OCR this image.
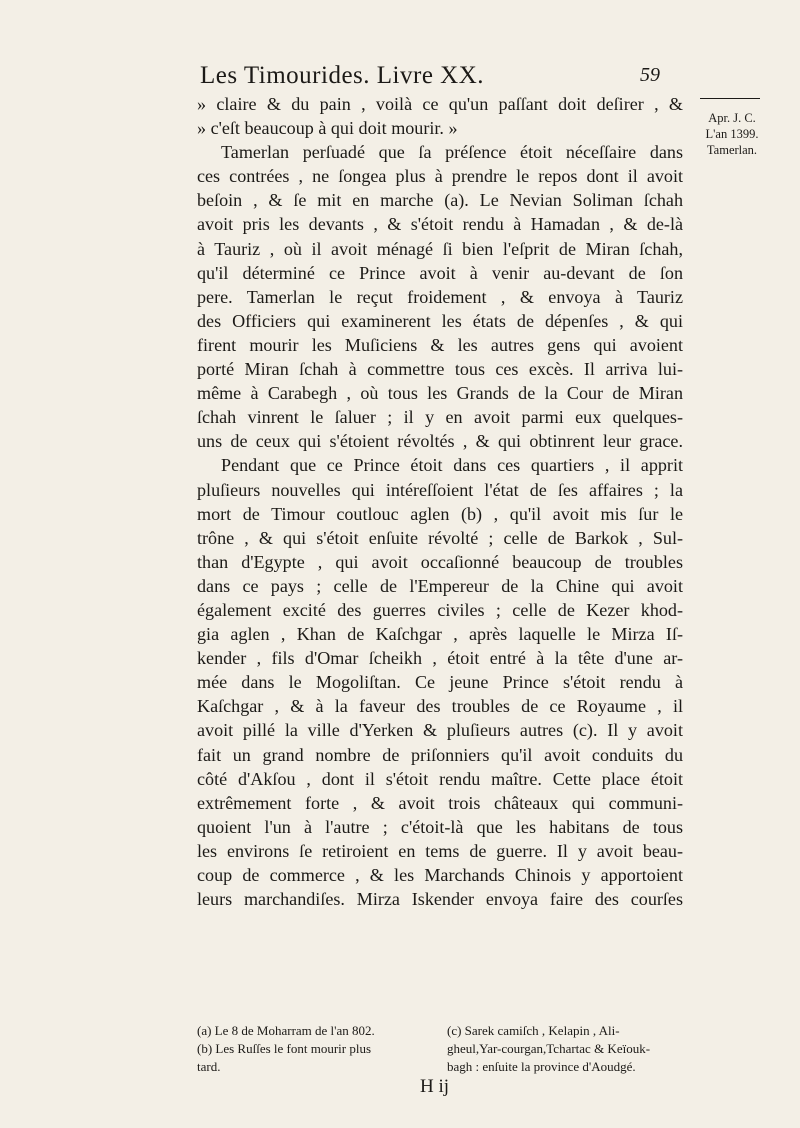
Les Timourides. Livre XX.	59
Apr. J. C.
L'an 1399.
Tamerlan.
» claire & du pain , voilà ce qu'un paſſant doit deſirer , &
» c'eſt beaucoup à qui doit mourir. »
Tamerlan perſuadé que ſa préſence étoit néceſſaire dans
ces contrées , ne ſongea plus à prendre le repos dont il avoit
beſoin , & ſe mit en marche (a). Le Nevian Soliman ſchah
avoit pris les devants , & s'étoit rendu à Hamadan , & de-là
à Tauriz , où il avoit ménagé ſi bien l'eſprit de Miran ſchah,
qu'il déterminé ce Prince avoit à venir au-devant de ſon
pere. Tamerlan le reçut froidement , & envoya à Tauriz
des Officiers qui examinerent les états de dépenſes , & qui
firent mourir les Muſiciens & les autres gens qui avoient
porté Miran ſchah à commettre tous ces excès. Il arriva lui-
même à Carabegh , où tous les Grands de la Cour de Miran
ſchah vinrent le ſaluer ; il y en avoit parmi eux quelques-
uns de ceux qui s'étoient révoltés , & qui obtinrent leur grace.
Pendant que ce Prince étoit dans ces quartiers , il apprit
pluſieurs nouvelles qui intéreſſoient l'état de ſes affaires ; la
mort de Timour coutlouc aglen (b) , qu'il avoit mis ſur le
trône , & qui s'étoit enſuite révolté ; celle de Barkok , Sul-
than d'Egypte , qui avoit occaſionné beaucoup de troubles
dans ce pays ; celle de l'Empereur de la Chine qui avoit
également excité des guerres civiles ; celle de Kezer khod-
gia aglen , Khan de Kaſchgar , après laquelle le Mirza Iſ-
kender , fils d'Omar ſcheikh , étoit entré à la tête d'une ar-
mée dans le Mogoliſtan. Ce jeune Prince s'étoit rendu à
Kaſchgar , & à la faveur des troubles de ce Royaume , il
avoit pillé la ville d'Yerken & pluſieurs autres (c). Il y avoit
fait un grand nombre de priſonniers qu'il avoit conduits du
côté d'Akſou , dont il s'étoit rendu maître. Cette place étoit
extrêmement forte , & avoit trois châteaux qui communi-
quoient l'un à l'autre ; c'étoit-là que les habitans de tous
les environs ſe retiroient en tems de guerre. Il y avoit beau-
coup de commerce , & les Marchands Chinois y apportoient
leurs marchandiſes. Mirza Iskender envoya faire des courſes
(a) Le 8 de Moharram de l'an 802.
(b) Les Ruſſes le font mourir plus
tard.
(c) Sarek camiſch , Kelapin , Ali-
gheul,Yar-courgan,Tchartac & Keïouk-
bagh : enſuite la province d'Aoudgé.
H ij
